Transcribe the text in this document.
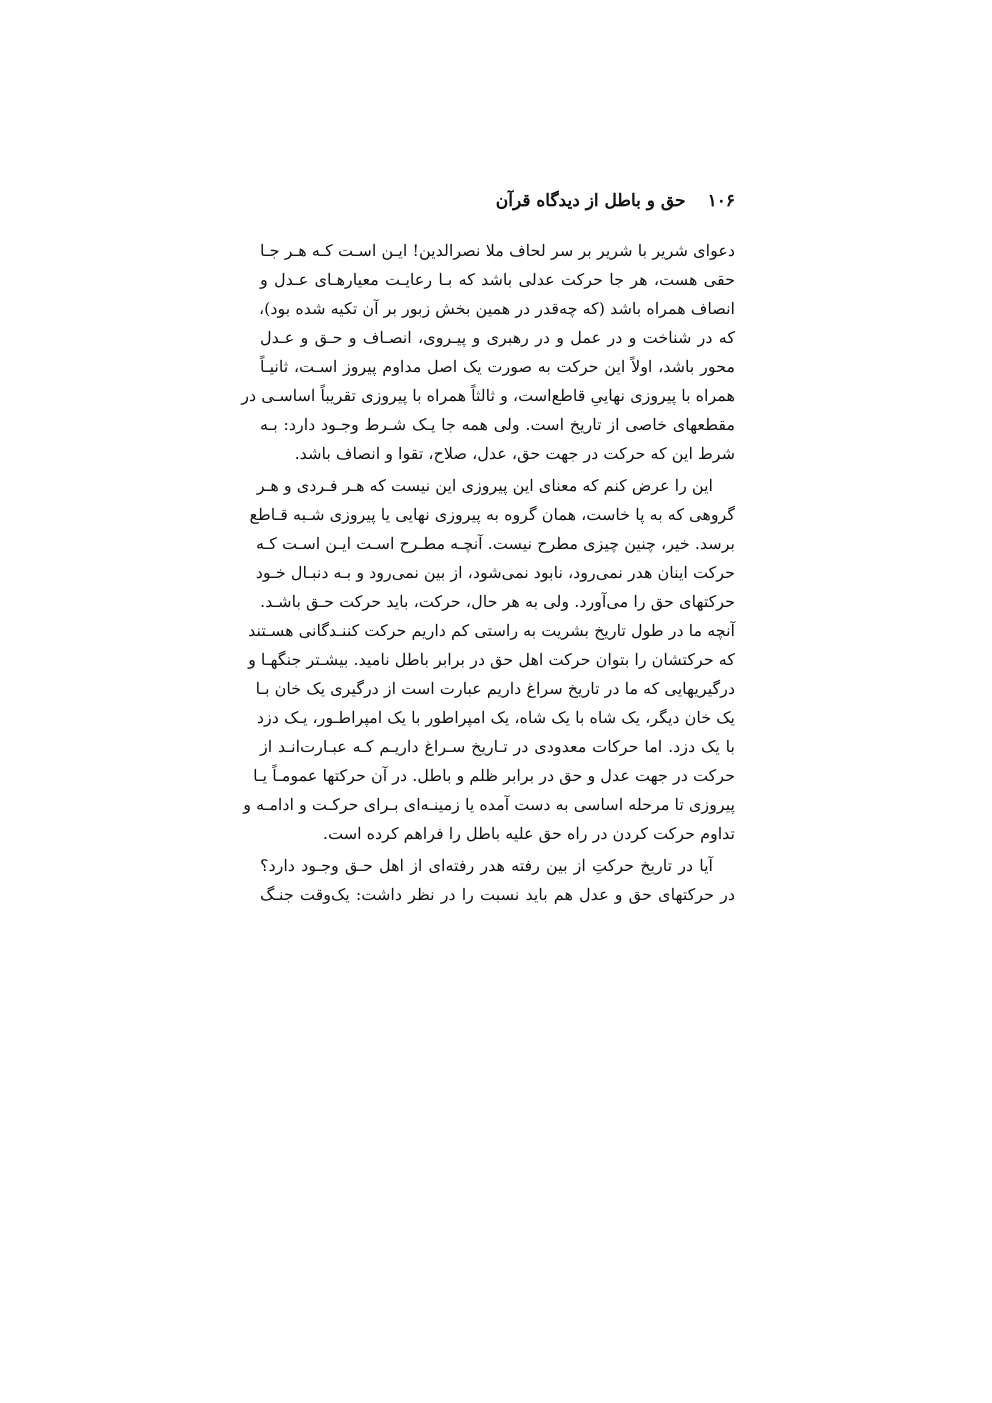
۱۰۶
حق و باطل از دیدگاه قرآن
دعوای شریر با شریر بر سر لحاف ملا نصرالدین! ایـن اسـت کـه هـر جـا
حقی هست، هر جا حرکت عدلی باشد که بـا رعایـت معیارهـای عـدل و
انصاف همراه باشد (که چه‌قدر در همین بخش زبور بر آن تکیه شده بود)،
که در شناخت و در عمل و در رهبری و پیـروی، انصـاف و حـق و عـدل
محور باشد، اولاً این حرکت به صورت یک اصل مداوم پیروز اسـت، ثانیـاً
همراه با پیروزی نهاییِ قاطع‌است، و ثالثاً همراه با پیروزی تقریباً اساسـی در
مقطعهای خاصی از تاریخ است. ولی همه جا یـک شـرط وجـود دارد: بـه
شرط این که حرکت در جهت حق، عدل، صلاح، تقوا و انصاف باشد.
این را عرض کنم که معنای این پیروزی این نیست که هـر فـردی و هـر
گروهی که به پا خاست، همان گروه به پیروزی نهایی یا پیروزی شـبه قـاطع
برسد. خیر، چنین چیزی مطرح نیست. آنچـه مطـرح اسـت ایـن اسـت کـه
حرکت اینان هدر نمی‌رود، نابود نمی‌شود، از بین نمی‌رود و بـه دنبـال خـود
حرکتهای حق را می‌آورد. ولی به هر حال، حرکت، باید حرکت حـق باشـد.
آنچه ما در طول تاریخ بشریت به راستی کم داریم حرکت کننـدگانی هسـتند
که حرکتشان را بتوان حرکت اهل حق در برابر باطل نامید. بیشـتر جنگهـا و
درگیریهایی که ما در تاریخ سراغ داریم عبارت است از درگیری یک خان بـا
یک خان دیگر، یک شاه با یک شاه، یک امپراطور با یک امپراطـور، یـک دزد
با یک دزد. اما حرکات معدودی در تـاریخ سـراغ داریـم کـه عبـارت‌انـد از
حرکت در جهت عدل و حق در برابر ظلم و باطل. در آن حرکتها عمومـاً یـا
پیروزی تا مرحله اساسی به دست آمده یا زمینـه‌ای بـرای حرکـت و ادامـه و
تداوم حرکت کردن در راه حق علیه باطل را فراهم کرده است.
آیا در تاریخ حرکتِ از بین رفته هدر رفته‌ای از اهل حـق وجـود دارد؟
در حرکتهای حق و عدل هم باید نسبت را در نظر داشت: یک‌وقت جنـگ
